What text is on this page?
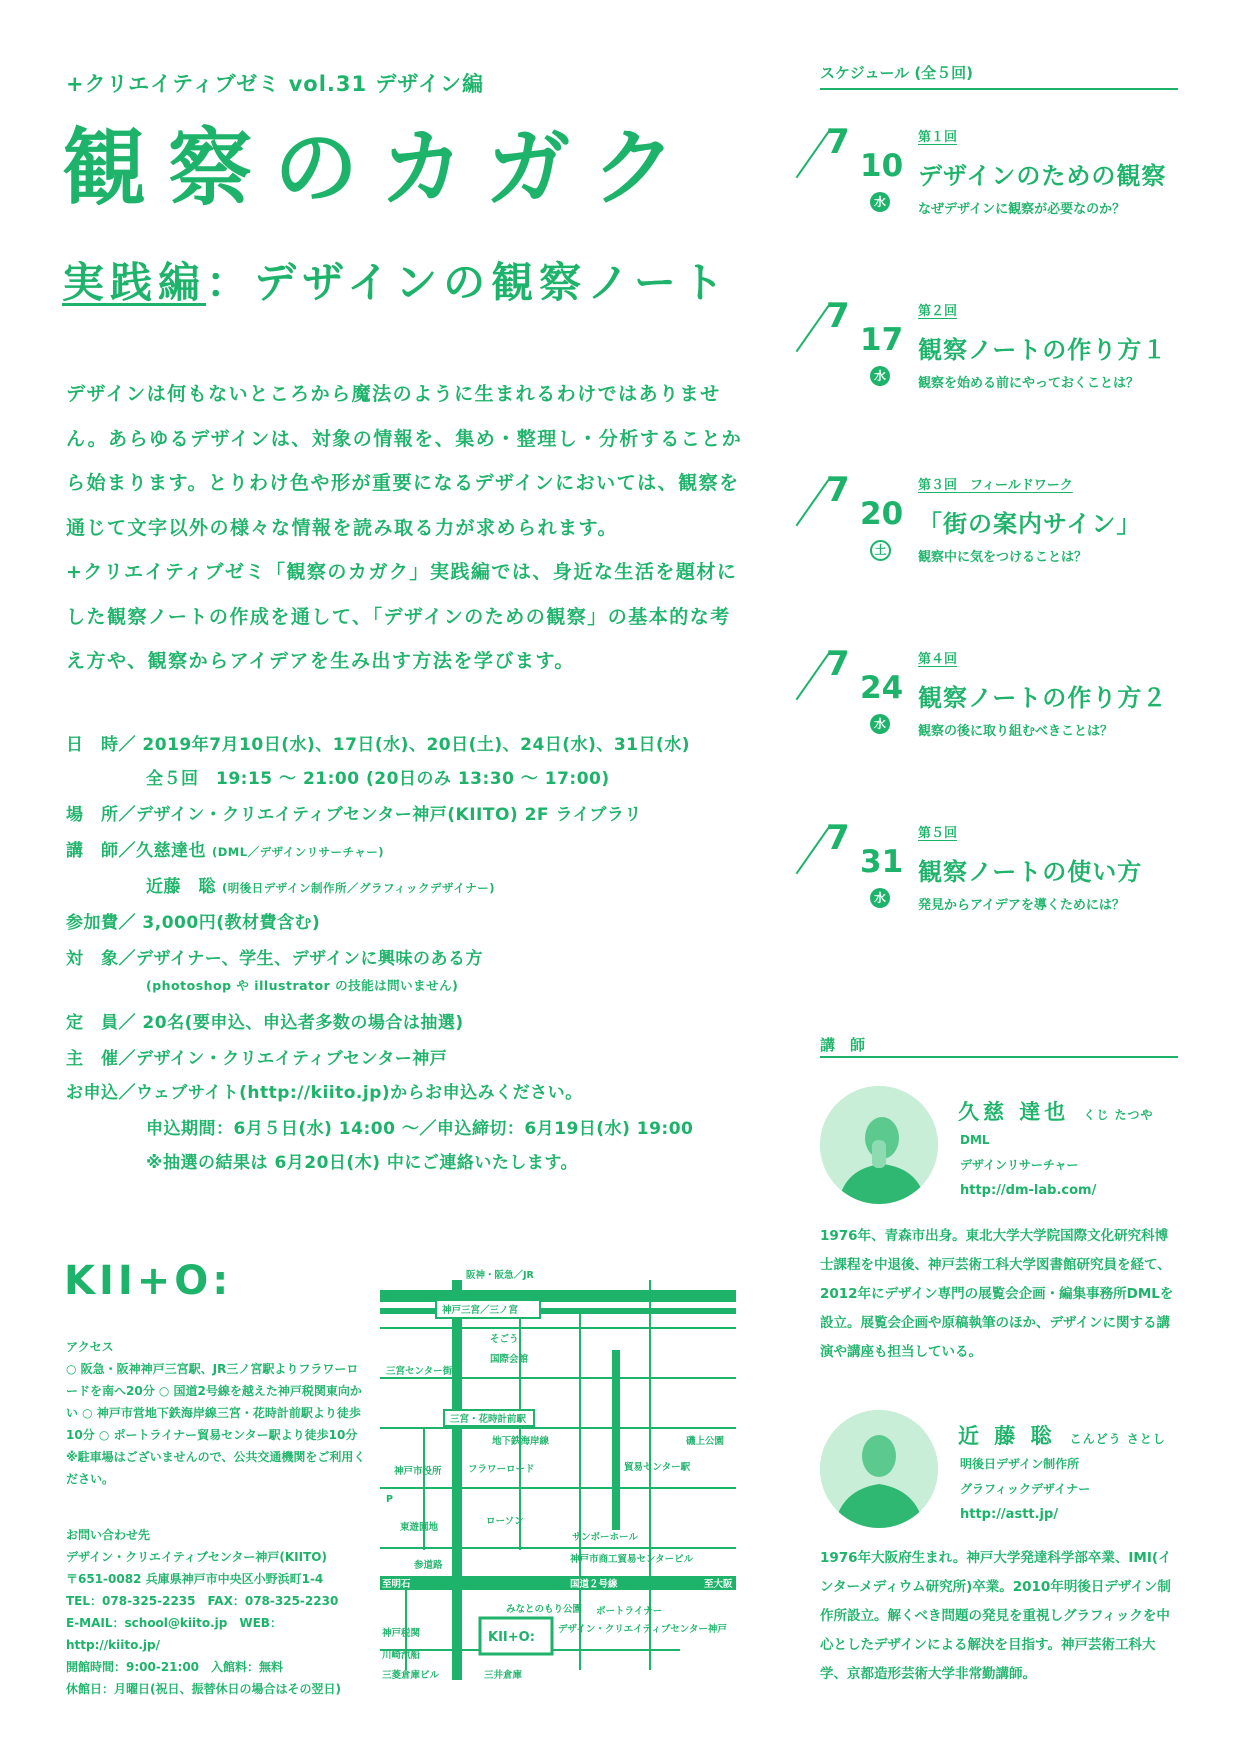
+クリエイティブゼミ vol.31 デザイン編
観察のカガク
実践編：デザインの観察ノート

デザインは何もないところから魔法のように生まれるわけではありません。あらゆるデザインは、対象の情報を、集め・整理し・分析することから始まります。とりわけ色や形が重要になるデザインにおいては、観察を通じて文字以外の様々な情報を読み取る力が求められます。

+クリエイティブゼミ「観察のカガク」実践編では、身近な生活を題材にした観察ノートの作成を通して、「デザインのための観察」の基本的な考え方や、観察からアイデアを生み出す方法を学びます。

日　時／ 2019年7月10日(水)、17日(水)、20日(土)、24日(水)、31日(水)
全５回　19:15 〜 21:00 (20日のみ 13:30 〜 17:00)
場　所／デザイン・クリエイティブセンター神戸(KIITO) 2F ライブラリ
講　師／久慈達也 (DML／デザインリサーチャー)
近藤　聡 (明後日デザイン制作所／グラフィックデザイナー)
参加費／ 3,000円(教材費含む)
対　象／デザイナー、学生、デザインに興味のある方
(photoshop や illustrator の技能は問いません)
定　員／ 20名(要申込、申込者多数の場合は抽選)
主　催／デザイン・クリエイティブセンター神戸
お申込／ウェブサイト(http://kiito.jp)からお申込みください。
申込期間：6月５日(水) 14:00 〜／申込締切：6月19日(水) 19:00
※抽選の結果は 6月20日(木) 中にご連絡いたします。
スケジュール (全５回)
7
10
水
第１回
デザインのための観察
なぜデザインに観察が必要なのか？
7
17
水
第２回
観察ノートの作り方１
観察を始める前にやっておくことは？
7
20
土
第３回　フィールドワーク
「街の案内サイン」
観察中に気をつけることは？
7
24
水
第４回
観察ノートの作り方２
観察の後に取り組むべきことは？
7
31
水
第５回
観察ノートの使い方
発見からアイデアを導くためには？
講　師
久慈 達也 くじ たつや
DML
デザインリサーチャー
http://dm-lab.com/

1976年、青森市出身。東北大学大学院国際文化研究科博士課程を中退後、神戸芸術工科大学図書館研究員を経て、2012年にデザイン専門の展覧会企画・編集事務所DMLを設立。展覧会企画や原稿執筆のほか、デザインに関する講演や講座も担当している。

近 藤 聡 こんどう さとし
明後日デザイン制作所
グラフィックデザイナー
http://astt.jp/

1976年大阪府生まれ。神戸大学発達科学部卒業、IMI(インターメディウム研究所)卒業。2010年明後日デザイン制作所設立。解くべき問題の発見を重視しグラフィックを中心としたデザインによる解決を目指す。神戸芸術工科大学、京都造形芸術大学非常勤講師。

KII+O:

アクセス

○ 阪急・阪神神戸三宮駅、JR三ノ宮駅よりフラワーロードを南へ20分 ○ 国道2号線を越えた神戸税関東向かい ○ 神戸市営地下鉄海岸線三宮・花時計前駅より徒歩10分 ○ ポートライナー貿易センター駅より徒歩10分 ※駐車場はございませんので、公共交通機関をご利用ください。

お問い合わせ先

デザイン・クリエイティブセンター神戸(KIITO)

〒651-0082 兵庫県神戸市中央区小野浜町1-4

TEL：078-325-2235　FAX：078-325-2230

E-MAIL：school@kiito.jp　WEB：http://kiito.jp/

開館時間：9:00-21:00　入館料：無料

休館日：月曜日(祝日、振替休日の場合はその翌日)

阪神・阪急／JR
神戸三宮／三ノ宮
そごう
国際会館
三宮センター街
三宮・花時計前駅
地下鉄海岸線	磯上公園
神戸市役所	フラワーロード	貿易センター駅
ローソン
東遊園地
サンボーホール
神戸市商工貿易センタービル
参道路
至明石	国道２号線	至大阪
みなとのもり公園 ポートライナー
神戸税関	KII+O:
デザイン・クリエイティブセンター神戸
川崎汽船
三菱倉庫ビル	三井倉庫
P
